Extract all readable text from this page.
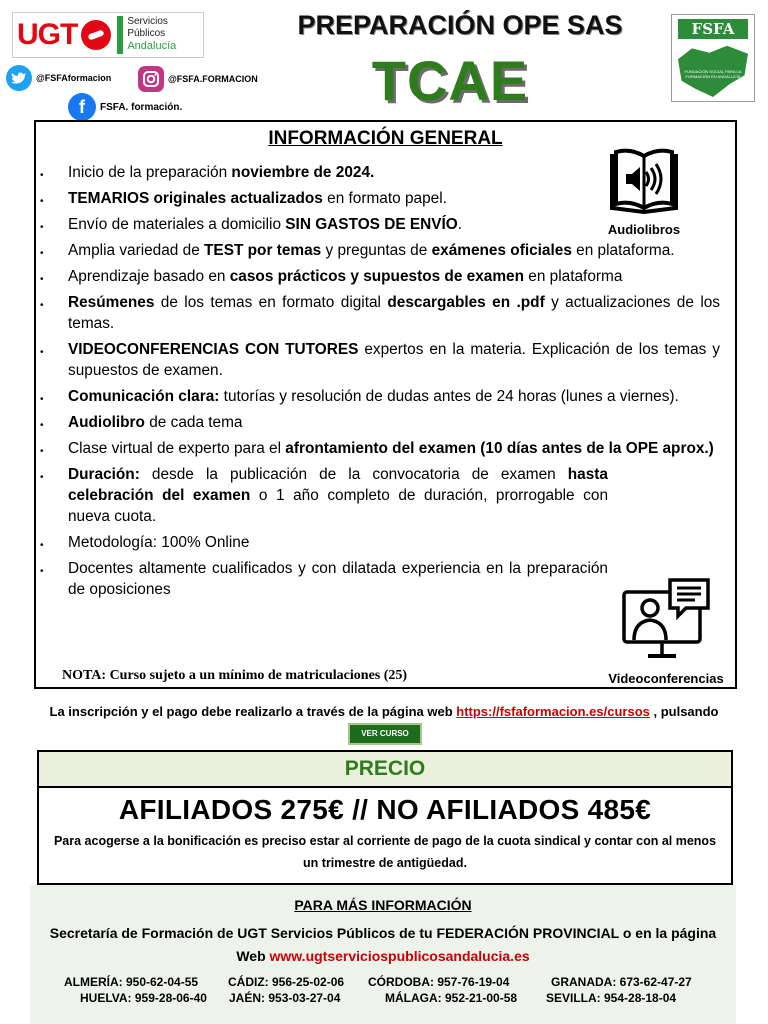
UGT	Servicios
Públicos
Andalucía
@FSFAformacion	@FSFA.FORMACION
f	FSFA. formación.
PREPARACIÓN OPE SAS
TCAE
FSFA
FUNDACIÓN SOCIAL PARA LA FORMACIÓN EN ANDALUCÍA
INFORMACIÓN GENERAL
• Inicio de la preparación noviembre de 2024.
• TEMARIOS originales actualizados en formato papel.
• Envío de materiales a domicilio SIN GASTOS DE ENVÍO.
• Amplia variedad de TEST por temas y preguntas de exámenes oficiales en plataforma.
• Aprendizaje basado en casos prácticos y supuestos de examen en plataforma
• Resúmenes de los temas en formato digital descargables en .pdf y actualizaciones de los temas.
• VIDEOCONFERENCIAS CON TUTORES expertos en la materia. Explicación de los temas y supuestos de examen.
• Comunicación clara: tutorías y resolución de dudas antes de 24 horas (lunes a viernes).
• Audiolibro de cada tema
• Clase virtual de experto para el afrontamiento del examen (10 días antes de la OPE aprox.)
• Duración: desde la publicación de la convocatoria de examen hasta celebración del examen o 1 año completo de duración, prorrogable con nueva cuota.
• Metodología: 100% Online
• Docentes altamente cualificados y con dilatada experiencia en la preparación de oposiciones
Audiolibros
Videoconferencias
NOTA: Curso sujeto a un mínimo de matriculaciones (25)
La inscripción y el pago debe realizarlo a través de la página web https://fsfaformacion.es/cursos , pulsando
VER CURSO
PRECIO
AFILIADOS 275€ // NO AFILIADOS 485€
Para acogerse a la bonificación es preciso estar al corriente de pago de la cuota sindical y contar con al menos un trimestre de antigüedad.
PARA MÁS INFORMACIÓN
Secretaría de Formación de UGT Servicios Públicos de tu FEDERACIÓN PROVINCIAL o en la página
Web www.ugtserviciospublicosandalucia.es
ALMERÍA: 950-62-04-55 CÁDIZ: 956-25-02-06 CÓRDOBA: 957-76-19-04	GRANADA: 673-62-47-27
HUELVA: 959-28-06-40 JAÉN: 953-03-27-04	MÁLAGA: 952-21-00-58 SEVILLA: 954-28-18-04
